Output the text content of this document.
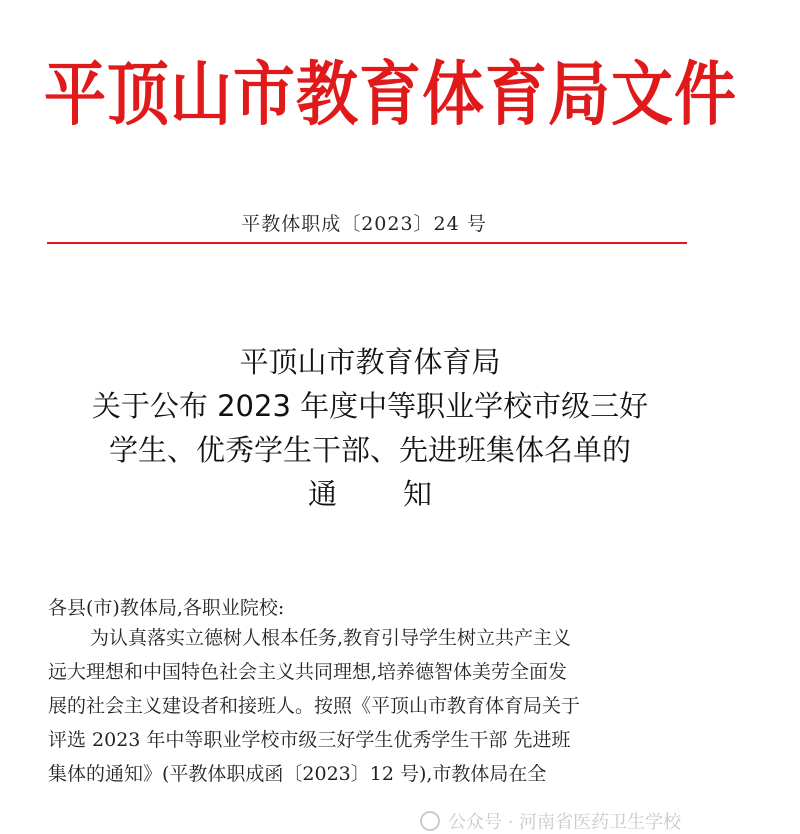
平顶山市教育体育局文件
平教体职成〔2023〕24 号
平顶山市教育体育局
关于公布 2023 年度中等职业学校市级三好
学生、优秀学生干部、先进班集体名单的
通知
各县(市)教体局,各职业院校:
为认真落实立德树人根本任务,教育引导学生树立共产主义
远大理想和中国特色社会主义共同理想,培养德智体美劳全面发
展的社会主义建设者和接班人。按照《平顶山市教育体育局关于
评选 2023 年中等职业学校市级三好学生优秀学生干部 先进班
集体的通知》(平教体职成函〔2023〕12 号),市教体局在全
公众号 · 河南省医药卫生学校
